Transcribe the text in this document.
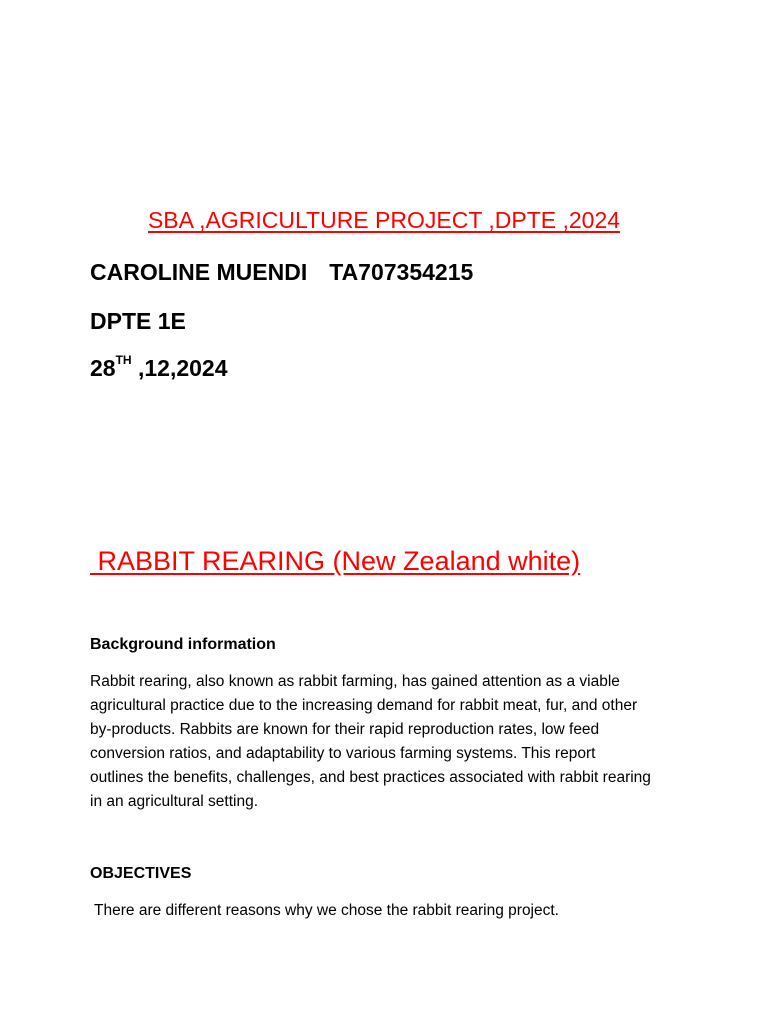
SBA ,AGRICULTURE PROJECT ,DPTE ,2024
CAROLINE MUENDI TA707354215
DPTE 1E
28TH ,12,2024
RABBIT REARING (New Zealand white)
Background information
Rabbit rearing, also known as rabbit farming, has gained attention as a viable
agricultural practice due to the increasing demand for rabbit meat, fur, and other
by-products. Rabbits are known for their rapid reproduction rates, low feed
conversion ratios, and adaptability to various farming systems. This report
outlines the benefits, challenges, and best practices associated with rabbit rearing
in an agricultural setting.
OBJECTIVES
There are different reasons why we chose the rabbit rearing project.
